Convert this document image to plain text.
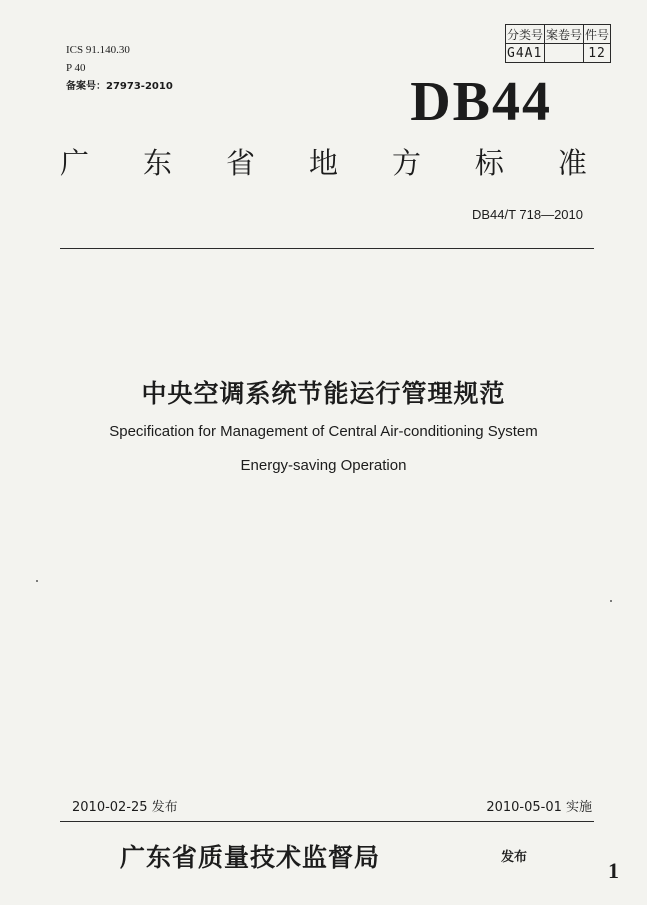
ICS 91.140.30
P 40
备案号：27973-2010
分类号	案卷号	件号
G4A1		12
DB44
广 东 省 地 方 标 准
DB44/T 718—2010
中央空调系统节能运行管理规范
Specification for Management of Central Air-conditioning System
Energy-saving Operation
2010-02-25 发布	2010-05-01 实施
广东省质量技术监督局	发布
1
